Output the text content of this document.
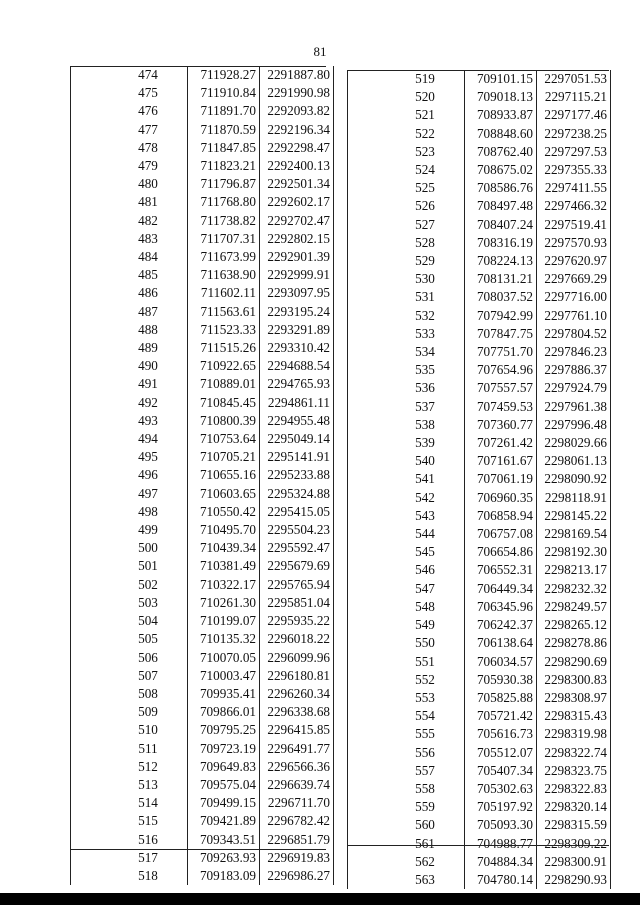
81
	474	711928.27	2291887.80
	475	711910.84	2291990.98
	476	711891.70	2292093.82
	477	711870.59	2292196.34
	478	711847.85	2292298.47
	479	711823.21	2292400.13
	480	711796.87	2292501.34
	481	711768.80	2292602.17
	482	711738.82	2292702.47
	483	711707.31	2292802.15
	484	711673.99	2292901.39
	485	711638.90	2292999.91
	486	711602.11	2293097.95
	487	711563.61	2293195.24
	488	711523.33	2293291.89
	489	711515.26	2293310.42
	490	710922.65	2294688.54
	491	710889.01	2294765.93
	492	710845.45	2294861.11
	493	710800.39	2294955.48
	494	710753.64	2295049.14
	495	710705.21	2295141.91
	496	710655.16	2295233.88
	497	710603.65	2295324.88
	498	710550.42	2295415.05
	499	710495.70	2295504.23
	500	710439.34	2295592.47
	501	710381.49	2295679.69
	502	710322.17	2295765.94
	503	710261.30	2295851.04
	504	710199.07	2295935.22
	505	710135.32	2296018.22
	506	710070.05	2296099.96
	507	710003.47	2296180.81
	508	709935.41	2296260.34
	509	709866.01	2296338.68
	510	709795.25	2296415.85
	511	709723.19	2296491.77
	512	709649.83	2296566.36
	513	709575.04	2296639.74
	514	709499.15	2296711.70
	515	709421.89	2296782.42
	516	709343.51	2296851.79
	517	709263.93	2296919.83
	518	709183.09	2296986.27
	519	709101.15	2297051.53
	520	709018.13	2297115.21
	521	708933.87	2297177.46
	522	708848.60	2297238.25
	523	708762.40	2297297.53
	524	708675.02	2297355.33
	525	708586.76	2297411.55
	526	708497.48	2297466.32
	527	708407.24	2297519.41
	528	708316.19	2297570.93
	529	708224.13	2297620.97
	530	708131.21	2297669.29
	531	708037.52	2297716.00
	532	707942.99	2297761.10
	533	707847.75	2297804.52
	534	707751.70	2297846.23
	535	707654.96	2297886.37
	536	707557.57	2297924.79
	537	707459.53	2297961.38
	538	707360.77	2297996.48
	539	707261.42	2298029.66
	540	707161.67	2298061.13
	541	707061.19	2298090.92
	542	706960.35	2298118.91
	543	706858.94	2298145.22
	544	706757.08	2298169.54
	545	706654.86	2298192.30
	546	706552.31	2298213.17
	547	706449.34	2298232.32
	548	706345.96	2298249.57
	549	706242.37	2298265.12
	550	706138.64	2298278.86
	551	706034.57	2298290.69
	552	705930.38	2298300.83
	553	705825.88	2298308.97
	554	705721.42	2298315.43
	555	705616.73	2298319.98
	556	705512.07	2298322.74
	557	705407.34	2298323.75
	558	705302.63	2298322.83
	559	705197.92	2298320.14
	560	705093.30	2298315.59
	561	704988.77	2298309.22
	562	704884.34	2298300.91
	563	704780.14	2298290.93
